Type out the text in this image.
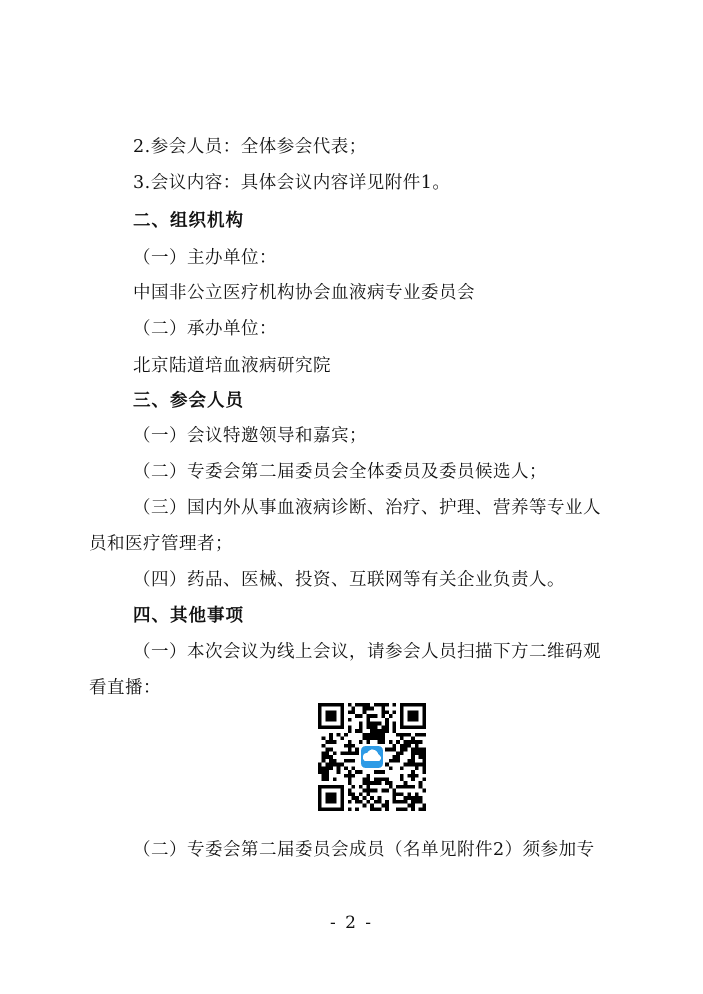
2.参会人员：全体参会代表；
3.会议内容：具体会议内容详见附件1。
二、组织机构
（一）主办单位：
中国非公立医疗机构协会血液病专业委员会
（二）承办单位：
北京陆道培血液病研究院
三、参会人员
（一）会议特邀领导和嘉宾；
（二）专委会第二届委员会全体委员及委员候选人；
（三）国内外从事血液病诊断、治疗、护理、营养等专业人
员和医疗管理者；
（四）药品、医械、投资、互联网等有关企业负责人。
四、其他事项
（一）本次会议为线上会议，请参会人员扫描下方二维码观
看直播：
（二）专委会第二届委员会成员（名单见附件2）须参加专
- 2 -
